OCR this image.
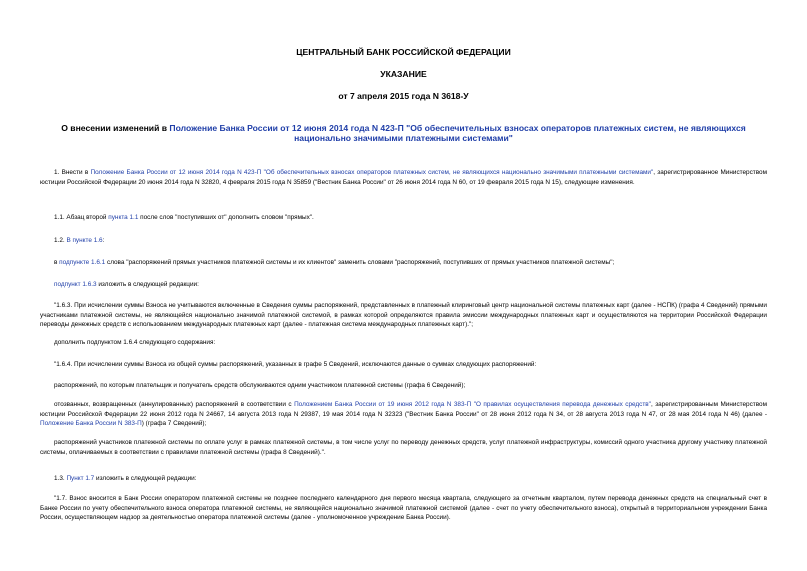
ЦЕНТРАЛЬНЫЙ БАНК РОССИЙСКОЙ ФЕДЕРАЦИИ
УКАЗАНИЕ
от 7 апреля 2015 года N 3618-У
О внесении изменений в Положение Банка России от 12 июня 2014 года N 423-П "Об обеспечительных взносах операторов платежных систем, не являющихся национально значимыми платежными системами"
1. Внести в Положение Банка России от 12 июня 2014 года N 423-П "Об обеспечительных взносах операторов платежных систем, не являющихся национально значимыми платежными системами", зарегистрированное Министерством юстиции Российской Федерации 20 июня 2014 года N 32820, 4 февраля 2015 года N 35859 ("Вестник Банка России" от 26 июня 2014 года N 60, от 19 февраля 2015 года N 15), следующие изменения.
1.1. Абзац второй пункта 1.1 после слов "поступивших от" дополнить словом "прямых".
1.2. В пункте 1.6:
в подпункте 1.6.1 слова "распоряжений прямых участников платежной системы и их клиентов" заменить словами "распоряжений, поступивших от прямых участников платежной системы";
подпункт 1.6.3 изложить в следующей редакции:
"1.6.3. При исчислении суммы Взноса не учитываются включенные в Сведения суммы распоряжений, представленных в платежный клиринговый центр национальной системы платежных карт (далее - НСПК) (графа 4 Сведений) прямыми участниками платежной системы, не являющейся национально значимой платежной системой, в рамках которой определяются правила эмиссии международных платежных карт и осуществляются на территории Российской Федерации переводы денежных средств с использованием международных платежных карт (далее - платежная система международных платежных карт).";
дополнить подпунктом 1.6.4 следующего содержания:
"1.6.4. При исчислении суммы Взноса из общей суммы распоряжений, указанных в графе 5 Сведений, исключаются данные о суммах следующих распоряжений:
распоряжений, по которым плательщик и получатель средств обслуживаются одним участником платежной системы (графа 6 Сведений);
отозванных, возвращенных (аннулированных) распоряжений в соответствии с Положением Банка России от 19 июня 2012 года N 383-П "О правилах осуществления перевода денежных средств", зарегистрированным Министерством юстиции Российской Федерации 22 июня 2012 года N 24667, 14 августа 2013 года N 29387, 19 мая 2014 года N 32323 ("Вестник Банка России" от 28 июня 2012 года N 34, от 28 августа 2013 года N 47, от 28 мая 2014 года N 46) (далее - Положение Банка России N 383-П) (графа 7 Сведений);
распоряжений участников платежной системы по оплате услуг в рамках платежной системы, в том числе услуг по переводу денежных средств, услуг платежной инфраструктуры, комиссий одного участника другому участнику платежной системы, оплачиваемых в соответствии с правилами платежной системы (графа 8 Сведений).".
1.3. Пункт 1.7 изложить в следующей редакции:
"1.7. Взнос вносится в Банк России оператором платежной системы не позднее последнего календарного дня первого месяца квартала, следующего за отчетным кварталом, путем перевода денежных средств на специальный счет в Банке России по учету обеспечительного взноса оператора платежной системы, не являющейся национально значимой платежной системой (далее - счет по учету обеспечительного взноса), открытый в территориальном учреждении Банка России, осуществляющем надзор за деятельностью оператора платежной системы (далее - уполномоченное учреждение Банка России).
